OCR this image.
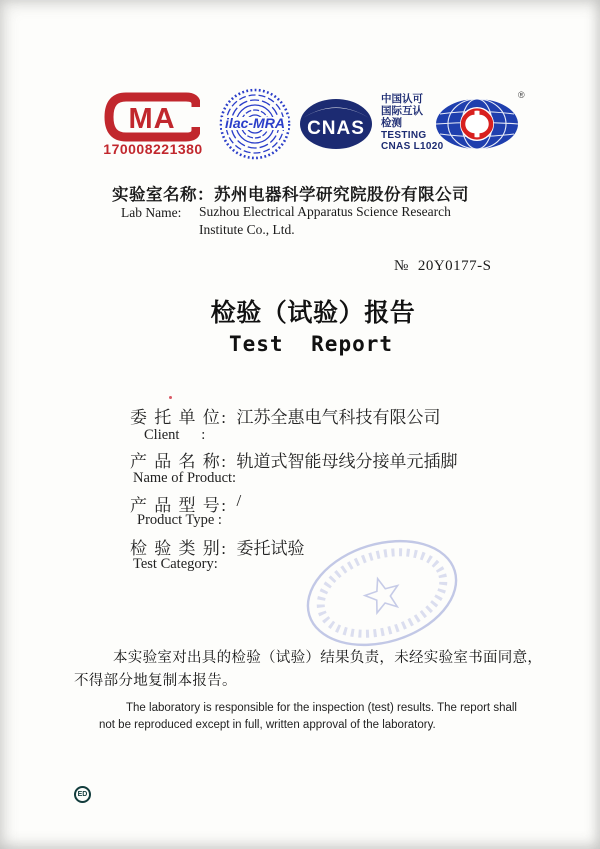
MA
170008221380
ilac-MRA CNAS
中国认可
国际互认
检测
TESTING
CNAS L1020
®
实验室名称： 苏州电器科学研究院股份有限公司
Lab Name: Suzhou Electrical Apparatus Science Research
Institute Co., Ltd.
№ 20Y0177-S
检验（试验）报告
Test Report
委 托 单 位: 江苏全惠电气科技有限公司
Client      :
产 品 名 称: 轨道式智能母线分接单元插脚
Name of Product:
产 品 型 号: /
Product Type :
检 验 类 别: 委托试验
Test Category:
本实验室对出具的检验（试验）结果负责，未经实验室书面同意，
不得部分地复制本报告。
The laboratory is responsible for the inspection (test) results. The report shall
not be reproduced except in full, written approval of the laboratory.
ED
